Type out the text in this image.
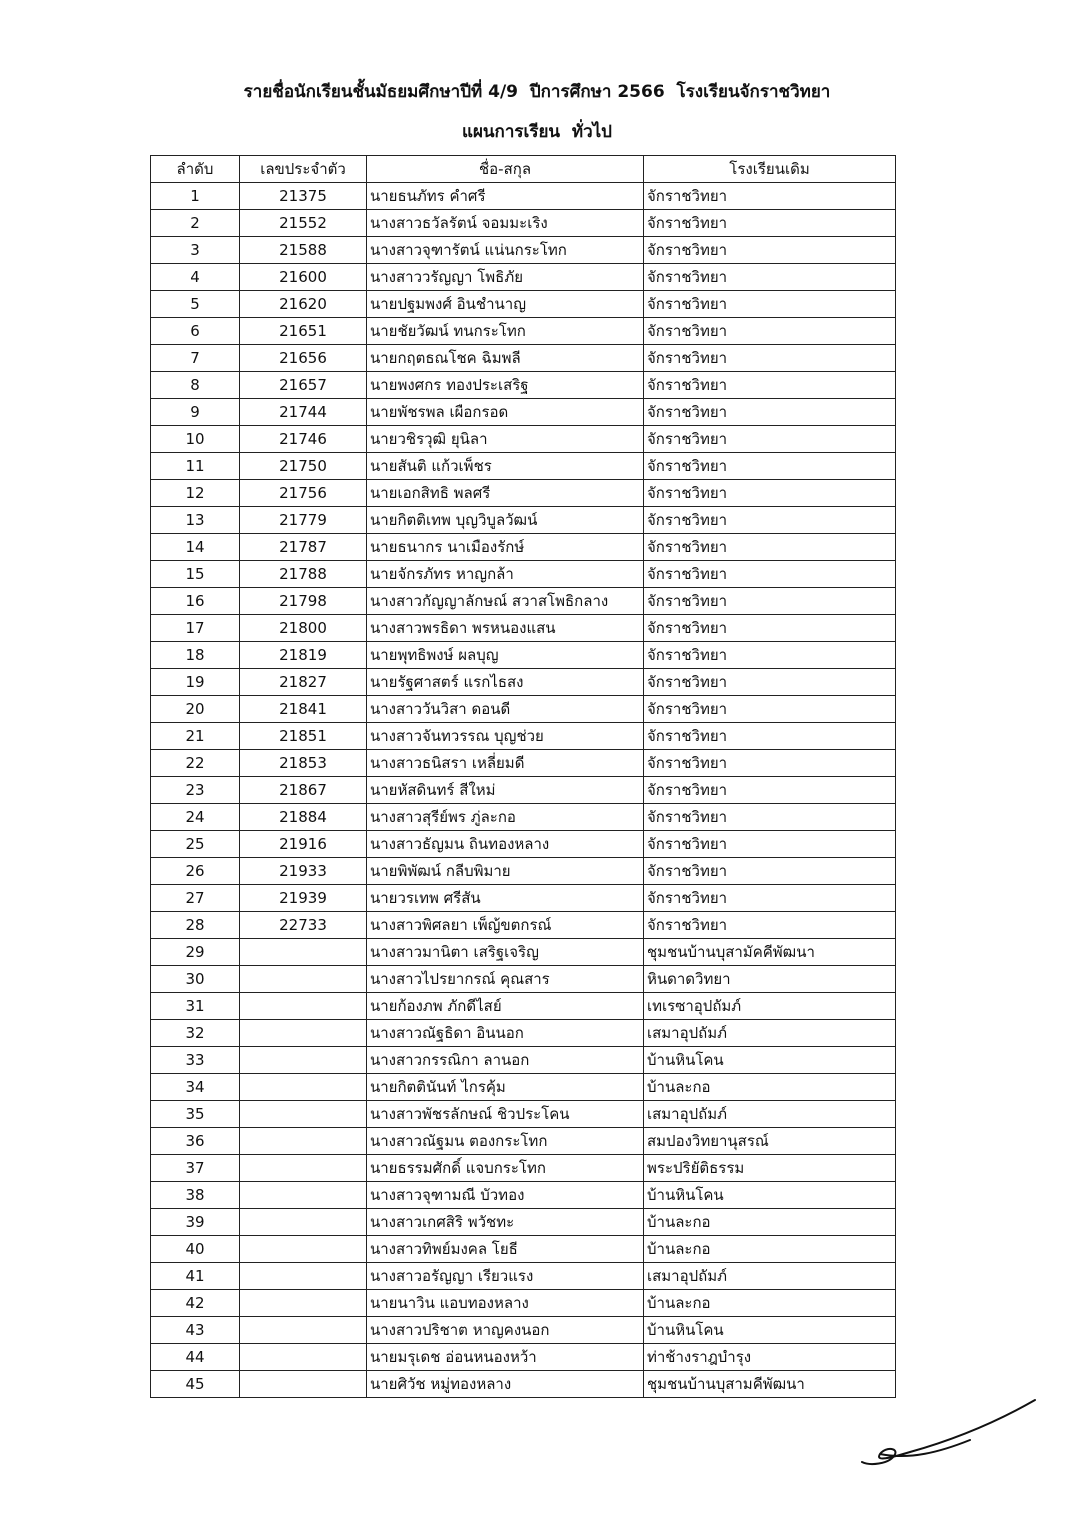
รายชื่อนักเรียนชั้นมัธยมศึกษาปีที่ 4/9  ปีการศึกษา 2566  โรงเรียนจักราชวิทยา
แผนการเรียน  ทั่วไป
ลำดับ	เลขประจำตัว	ชื่อ-สกุล	โรงเรียนเดิม
1	21375	นายธนภัทร คำศรี	จักราชวิทยา
2	21552	นางสาวธวัลรัตน์ จอมมะเริง	จักราชวิทยา
3	21588	นางสาวจุฑารัตน์ แน่นกระโทก	จักราชวิทยา
4	21600	นางสาววรัญญา โพธิภัย	จักราชวิทยา
5	21620	นายปฐมพงศ์ อินชำนาญ	จักราชวิทยา
6	21651	นายชัยวัฒน์ ทนกระโทก	จักราชวิทยา
7	21656	นายกฤตธณโชค ฉิมพลี	จักราชวิทยา
8	21657	นายพงศกร ทองประเสริฐ	จักราชวิทยา
9	21744	นายพัชรพล เผือกรอด	จักราชวิทยา
10	21746	นายวชิรวุฒิ ยุนิลา	จักราชวิทยา
11	21750	นายสันติ แก้วเพ็ชร	จักราชวิทยา
12	21756	นายเอกสิทธิ พลศรี	จักราชวิทยา
13	21779	นายกิตติเทพ บุญวิบูลวัฒน์	จักราชวิทยา
14	21787	นายธนากร นาเมืองรักษ์	จักราชวิทยา
15	21788	นายจักรภัทร หาญกล้า	จักราชวิทยา
16	21798	นางสาวกัญญาลักษณ์ สวาสโพธิกลาง	จักราชวิทยา
17	21800	นางสาวพรธิดา พรหนองแสน	จักราชวิทยา
18	21819	นายพุทธิพงษ์ ผลบุญ	จักราชวิทยา
19	21827	นายรัฐศาสตร์ แรกไธสง	จักราชวิทยา
20	21841	นางสาววันวิสา ดอนดี	จักราชวิทยา
21	21851	นางสาวจันทวรรณ บุญช่วย	จักราชวิทยา
22	21853	นางสาวธนิสรา เหลี่ยมดี	จักราชวิทยา
23	21867	นายหัสดินทร์ สีใหม่	จักราชวิทยา
24	21884	นางสาวสุรีย์พร ภู่ละกอ	จักราชวิทยา
25	21916	นางสาวธัญมน ถินทองหลาง	จักราชวิทยา
26	21933	นายพิพัฒน์ กลีบพิมาย	จักราชวิทยา
27	21939	นายวรเทพ ศรีสัน	จักราชวิทยา
28	22733	นางสาวพิศลยา เพ็ญ้ขตกรณ์	จักราชวิทยา
29		นางสาวมานิตา เสริฐเจริญ	ชุมชนบ้านบุสามัคคีพัฒนา
30		นางสาวไปรยากรณ์ คุณสาร	หินดาดวิทยา
31		นายก้องภพ ภักดีไสย์	เทเรซาอุปถัมภ์
32		นางสาวณัฐธิดา อินนอก	เสมาอุปถัมภ์
33		นางสาวกรรณิกา ลานอก	บ้านหินโคน
34		นายกิตตินันท์ ไกรคุ้ม	บ้านละกอ
35		นางสาวพัชรลักษณ์ ชิวประโคน	เสมาอุปถัมภ์
36		นางสาวณัฐมน ตองกระโทก	สมปองวิทยานุสรณ์
37		นายธรรมศักดิ์ แจบกระโทก	พระปริยัติธรรม
38		นางสาวจุฑามณี บัวทอง	บ้านหินโคน
39		นางสาวเกศสิริ พวัชทะ	บ้านละกอ
40		นางสาวทิพย์มงคล โยธี	บ้านละกอ
41		นางสาวอรัญญา เรียวแรง	เสมาอุปถัมภ์
42		นายนาวิน แอบทองหลาง	บ้านละกอ
43		นางสาวปริชาต หาญคงนอก	บ้านหินโคน
44		นายมรุเดช อ่อนหนองหว้า	ท่าช้างราฎบำรุง
45		นายศิวัช หมู่ทองหลาง	ชุมชนบ้านบุสามคีพัฒนา
